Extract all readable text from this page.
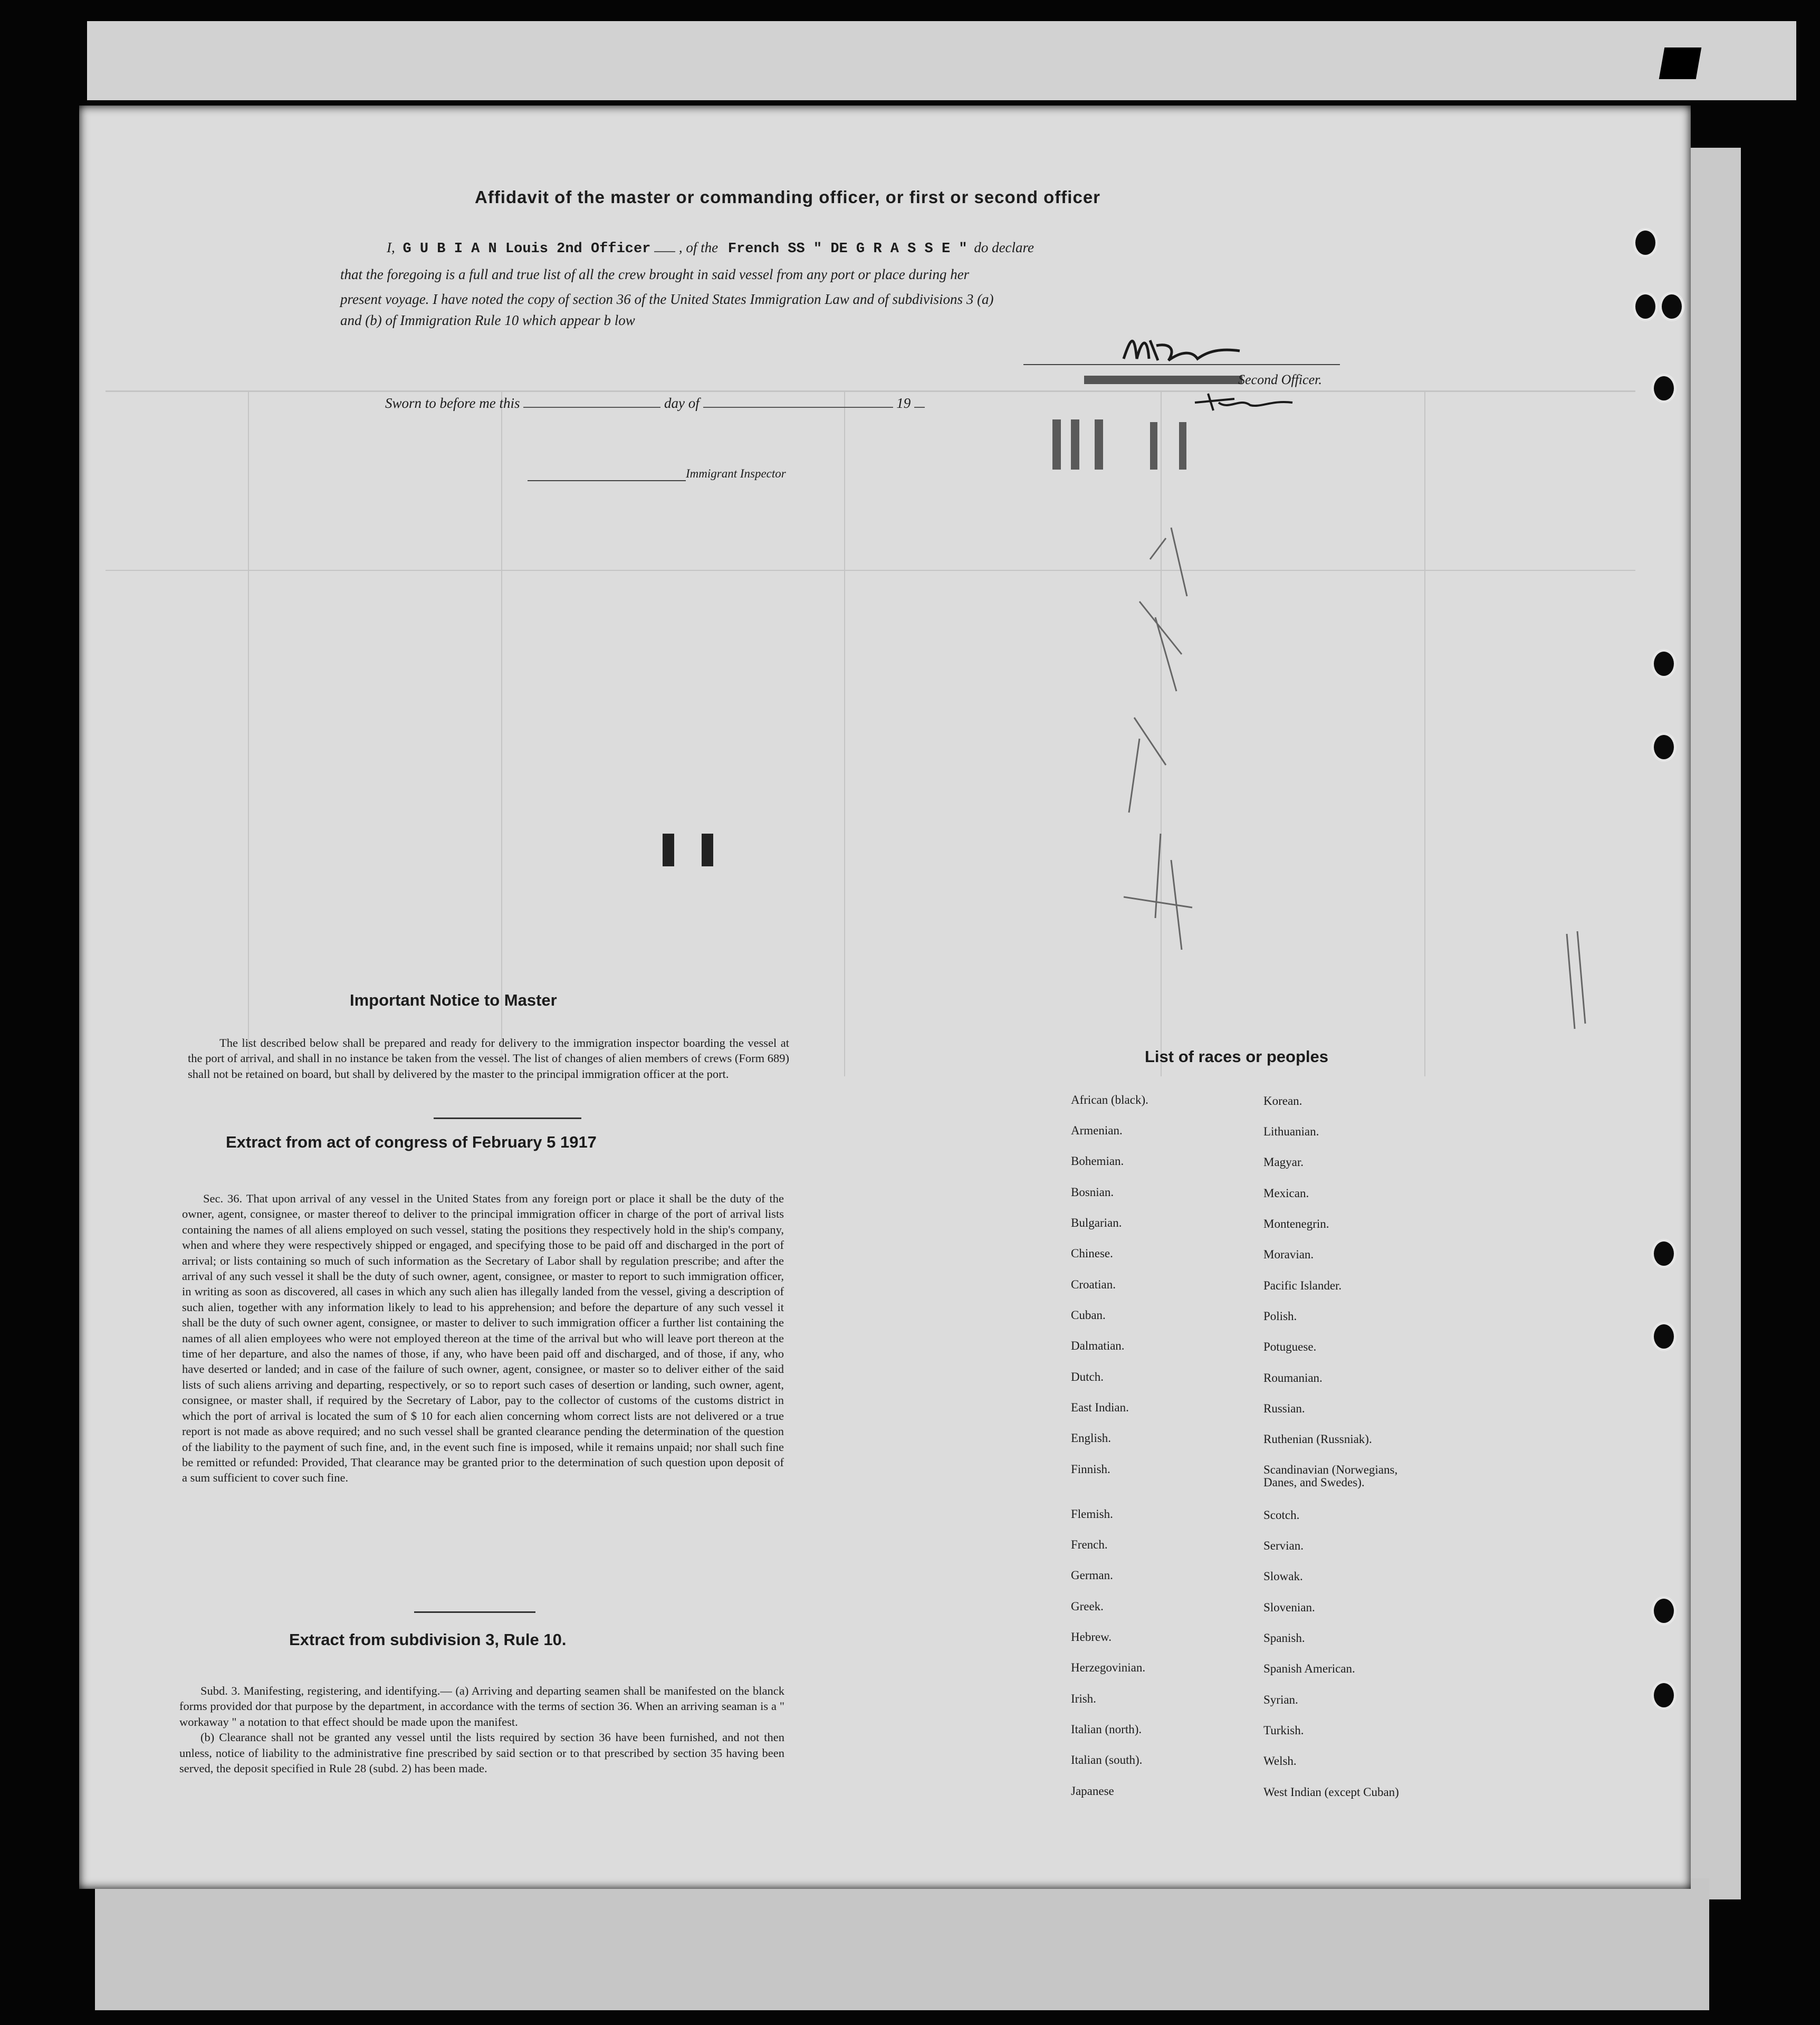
Affidavit of the master or commanding officer, or first or second officer
I, G U B I A N Louis 2nd Officer , of the French SS " DE G R A S S E " do declare
that the foregoing is a full and true list of all the crew brought in said vessel from any port or place during her
present voyage. I have noted the copy of section 36 of the United States Immigration Law and of subdivisions 3 (a)
and (b) of Immigration Rule 10 which appear b low
Second Officer.
Sworn to before me this	day of	19
Immigrant Inspector
Important Notice to Master

The list described below shall be prepared and ready for delivery to the immigration inspector boarding the vessel at the port of arrival, and shall in no instance be taken from the vessel. The list of changes of alien members of crews (Form 689) shall not be retained on board, but shall by delivered by the master to the principal immigration officer at the port.

Extract from act of congress of February 5 1917

Sec. 36. That upon arrival of any vessel in the United States from any foreign port or place it shall be the duty of the owner, agent, consignee, or master thereof to deliver to the principal immigration officer in charge of the port of arrival lists containing the names of all aliens employed on such vessel, stating the positions they respectively hold in the ship's company, when and where they were respectively shipped or engaged, and specifying those to be paid off and discharged in the port of arrival; or lists containing so much of such information as the Secretary of Labor shall by regulation prescribe; and after the arrival of any such vessel it shall be the duty of such owner, agent, consignee, or master to report to such immigration officer, in writing as soon as discovered, all cases in which any such alien has illegally landed from the vessel, giving a description of such alien, together with any information likely to lead to his apprehension; and before the departure of any such vessel it shall be the duty of such owner agent, consignee, or master to deliver to such immigration officer a further list containing the names of all alien employees who were not employed thereon at the time of the arrival but who will leave port thereon at the time of her departure, and also the names of those, if any, who have been paid off and discharged, and of those, if any, who have deserted or landed; and in case of the failure of such owner, agent, consignee, or master so to deliver either of the said lists of such aliens arriving and departing, respectively, or so to report such cases of desertion or landing, such owner, agent, consignee, or master shall, if required by the Secretary of Labor, pay to the collector of customs of the customs district in which the port of arrival is located the sum of $ 10 for each alien concerning whom correct lists are not delivered or a true report is not made as above required; and no such vessel shall be granted clearance pending the determination of the question of the liability to the payment of such fine, and, in the event such fine is imposed, while it remains unpaid; nor shall such fine be remitted or refunded: Provided, That clearance may be granted prior to the determination of such question upon deposit of a sum sufficient to cover such fine.

Extract from subdivision 3, Rule 10.

Subd. 3. Manifesting, registering, and identifying.— (a) Arriving and departing seamen shall be manifested on the blanck forms provided dor that purpose by the department, in accordance with the terms of section 36. When an arriving seaman is a " workaway " a notation to that effect should be made upon the manifest.

(b) Clearance shall not be granted any vessel until the lists required by section 36 have been furnished, and not then unless, notice of liability to the administrative fine prescribed by said section or to that prescribed by section 35 having been served, the deposit specified in Rule 28 (subd. 2) has been made.

List of races or peoples
African (black).
Armenian.
Bohemian.
Bosnian.
Bulgarian.
Chinese.
Croatian.
Cuban.
Dalmatian.
Dutch.
East Indian.
English.
Finnish.
Flemish.
French.
German.
Greek.
Hebrew.
Herzegovinian.
Irish.
Italian (north).
Italian (south).
Japanese
Korean.
Lithuanian.
Magyar.
Mexican.
Montenegrin.
Moravian.
Pacific Islander.
Polish.
Potuguese.
Roumanian.
Russian.
Ruthenian (Russniak).
Scandinavian (Norwegians, Danes, and Swedes).
Scotch.
Servian.
Slowak.
Slovenian.
Spanish.
Spanish American.
Syrian.
Turkish.
Welsh.
West Indian (except Cuban)
